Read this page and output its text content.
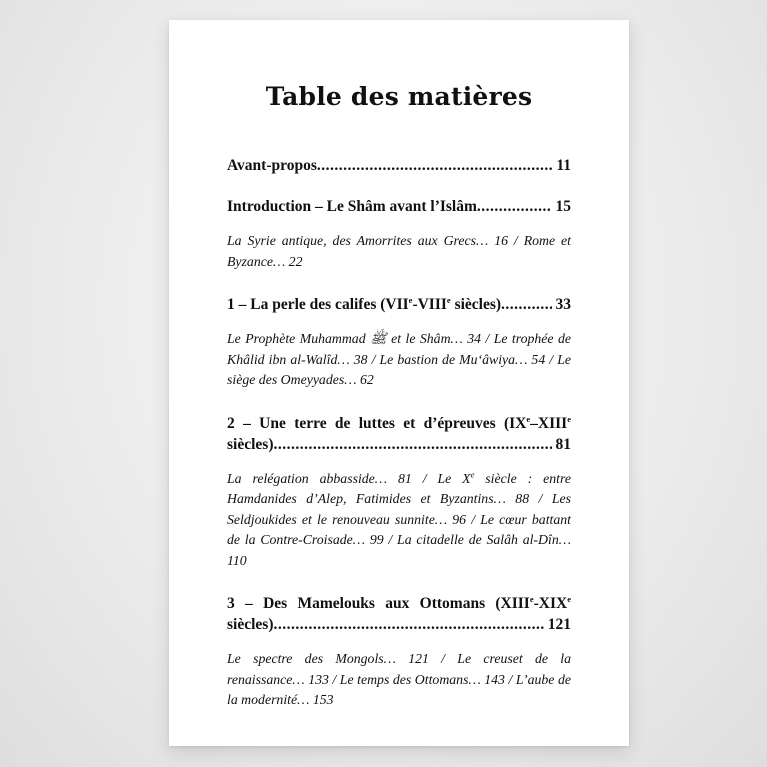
Table des matières
Avant-propos .....	11
Introduction – Le Shâm avant l’Islâm .....	15

La Syrie antique, des Amorrites aux Grecs… 16 / Rome et Byzance… 22

1 – La perle des califes (VIIe-VIIIe siècles) .....	33

Le Prophète Muhammad ﷺ et le Shâm… 34 / Le trophée de Khâlid ibn al-Walîd… 38 / Le bastion de Mu‘âwiya… 54 / Le siège des Omeyyades… 62

2 – Une terre de luttes et d’épreuves (IXe–XIIIe
siècles) .....	81

La relégation abbasside… 81 / Le Xe siècle : entre Hamdanides d’Alep, Fatimides et Byzantins… 88 / Les Seldjoukides et le renouveau sunnite… 96 / Le cœur battant de la Contre-Croisade… 99 / La citadelle de Salâh al-Dîn… 110

3 – Des Mamelouks aux Ottomans (XIIIe-XIXe
siècles) .....	121

Le spectre des Mongols… 121 / Le creuset de la renaissance… 133 / Le temps des Ottomans… 143 / L’aube de la modernité… 153
